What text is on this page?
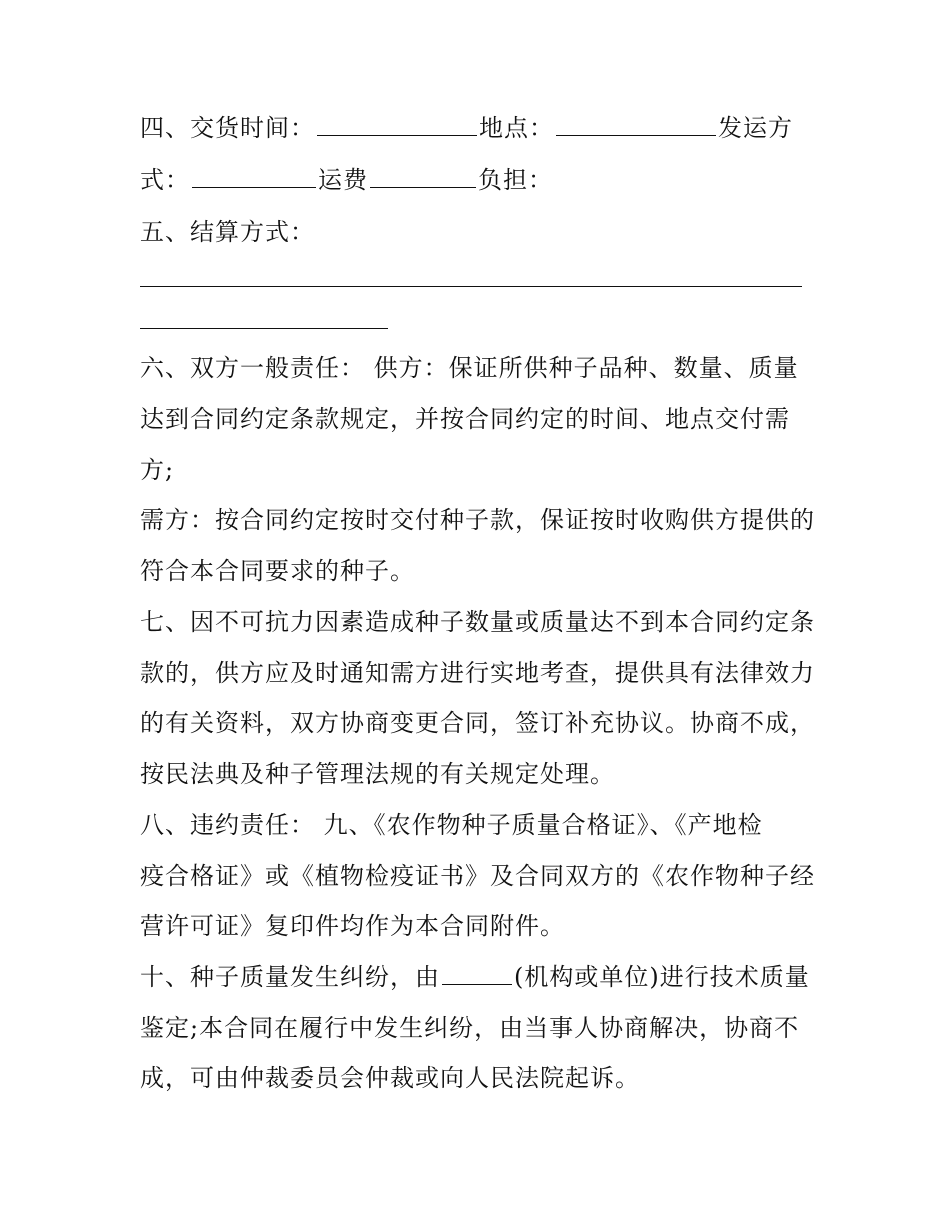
四、交货时间：	地点：	发运方
式：	运费	负担：
五、结算方式：
六、双方一般责任： 供方：保证所供种子品种、数量、质量
达到合同约定条款规定，并按合同约定的时间、地点交付需
方;
需方：按合同约定按时交付种子款，保证按时收购供方提供的
符合本合同要求的种子。
七、因不可抗力因素造成种子数量或质量达不到本合同约定条
款的，供方应及时通知需方进行实地考查，提供具有法律效力
的有关资料，双方协商变更合同，签订补充协议。协商不成，
按民法典及种子管理法规的有关规定处理。
八、违约责任： 九、《农作物种子质量合格证》、《产地检
疫合格证》或《植物检疫证书》及合同双方的《农作物种子经
营许可证》复印件均作为本合同附件。
十、种子质量发生纠纷，由	(机构或单位)进行技术质量
鉴定;本合同在履行中发生纠纷，由当事人协商解决，协商不
成，可由仲裁委员会仲裁或向人民法院起诉。
